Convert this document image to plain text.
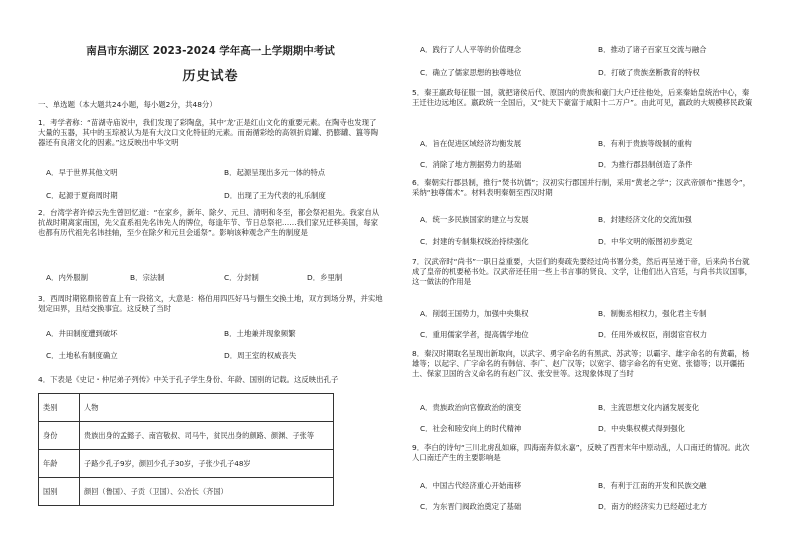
南昌市东湖区 2023-2024 学年高一上学期期中考试
历史试卷

一、单选题（本大题共24小题，每小题2分，共48分）

1．考学者称：“苗湖寺庙说中，我们发现了彩陶盘，其中‘龙’正是红山文化的重要元素。在陶寺也发现了大量的玉器，其中的玉琮被认为是有大汶口文化特征的元素。而南循彩绘的高领折肩罐、扔膨罐、簋等陶器还有良渚文化的因素。”这反映出中华文明

A．早于世界其他文明	B．起源呈现出多元一体的特点
C．起源于夏商周时期	D．出现了王为代表的礼乐制度

2．台湾学者许倬云先生曾回忆道：“在家乡，新年、除夕、元旦、清明和冬至，都会祭祀祖先。我家自从抗战时期离家南国，先父直系祖先名讳先人的牌位，每逢年节、节日总祭祀……我们家兄迁移美国，每家也都有历代祖先名讳挂轴，至少在除夕和元旦会遥祭”。影响该种观念产生的制度是

A．内外服制	B．宗法制	C．分封制	D．乡里制

3．西周时期铭鼎铭曾直上有一段铭文，大意是：格伯用四匹好马与倗生交换土地，双方到场分界，并实地划定田界，且结交换事宜。这反映了当时

A．井田制度遭到破坏	B．土地兼并现象频繁
C．土地私有制度确立	D．周王室的权威丧失

4．下表是《史记・仲尼弟子列传》中关于孔子学生身份、年龄、国别的记载。这反映出孔子

类别	人物
身份	贵族出身的孟懿子、南宫敬叔、司马牛，贫民出身的颜路、颜渊、子张等
年龄	子路少孔子9岁，颜回少孔子30岁，子张少孔子48岁
国别	颜回（鲁国）、子贡（卫国）、公冶长（齐国）
A．践行了人人平等的价值理念	B．推动了诸子百家互交流与融合
C．确立了儒家思想的独尊地位	D．打破了贵族垄断教育的特权

5．秦王嬴政每征服一国，就把诸侯后代、原国内的贵族和豪门大户迁往他处，后来秦始皇统治中心，秦王迁往边远地区。嬴政统一全国后，又“徙天下豪富于咸阳十二万户”。由此可见，嬴政的大规模移民政策

A．旨在促进区域经济均衡发展	B．有利于贵族等级制的重构
C．消除了地方割据势力的基础	D．为推行郡县制创造了条件

6．秦朝实行郡县制，推行“焚书坑儒”；汉初实行郡国并行制，采用“黄老之学”；汉武帝颁布“推恩令”，采纳“独尊儒术”。材料表明秦朝至西汉时期

A．统一多民族国家的建立与发展	B．封建经济文化的交流加强
C．封建的专制集权统治持续强化	D．中华文明的版图初步奠定

7．汉武帝时“尚书”一职日益重要，大臣们的奏疏先要经过尚书署分类，然后再呈递于帝，后来尚书台就成了皇帝的机要秘书处。汉武帝还任用一些上书言事的贤良、文学，让他们出入宫廷，与尚书共议国事，这一做法的作用是

A．削弱王国势力，加强中央集权	B．制衡丞相权力，强化君主专制
C．重用儒家学者，提高儒学地位	D．任用外戚权臣，削弱宦官权力

8．秦汉时期取名呈现出新取向，以武字、勇字命名的有黑武、苏武等；以霸字、雄字命名的有黄霸，杨雄等；以起字、广字命名的有韩信、李广、赵广汉等；以宽字、德字命名的有史宽、张德等；以开疆拓土、保家卫国的含义命名的有赵广汉、张安世等。这现象体现了当时

A．贵族政治向官僚政治的演变	B．主流思想文化内涵发展变化
C．社会和睦安向上的时代精神	D．中央集权模式得到强化

9．李白的诗句“三川北虏乱如麻，四海南奔似永嘉”，反映了西晋末年中原动乱，人口南迁的情况。此次人口南迁产生的主要影响是

A．中国古代经济重心开始南移	B．有利于江南的开发和民族交融
C．为东晋门阀政治奠定了基础	D．南方的经济实力已经超过北方
